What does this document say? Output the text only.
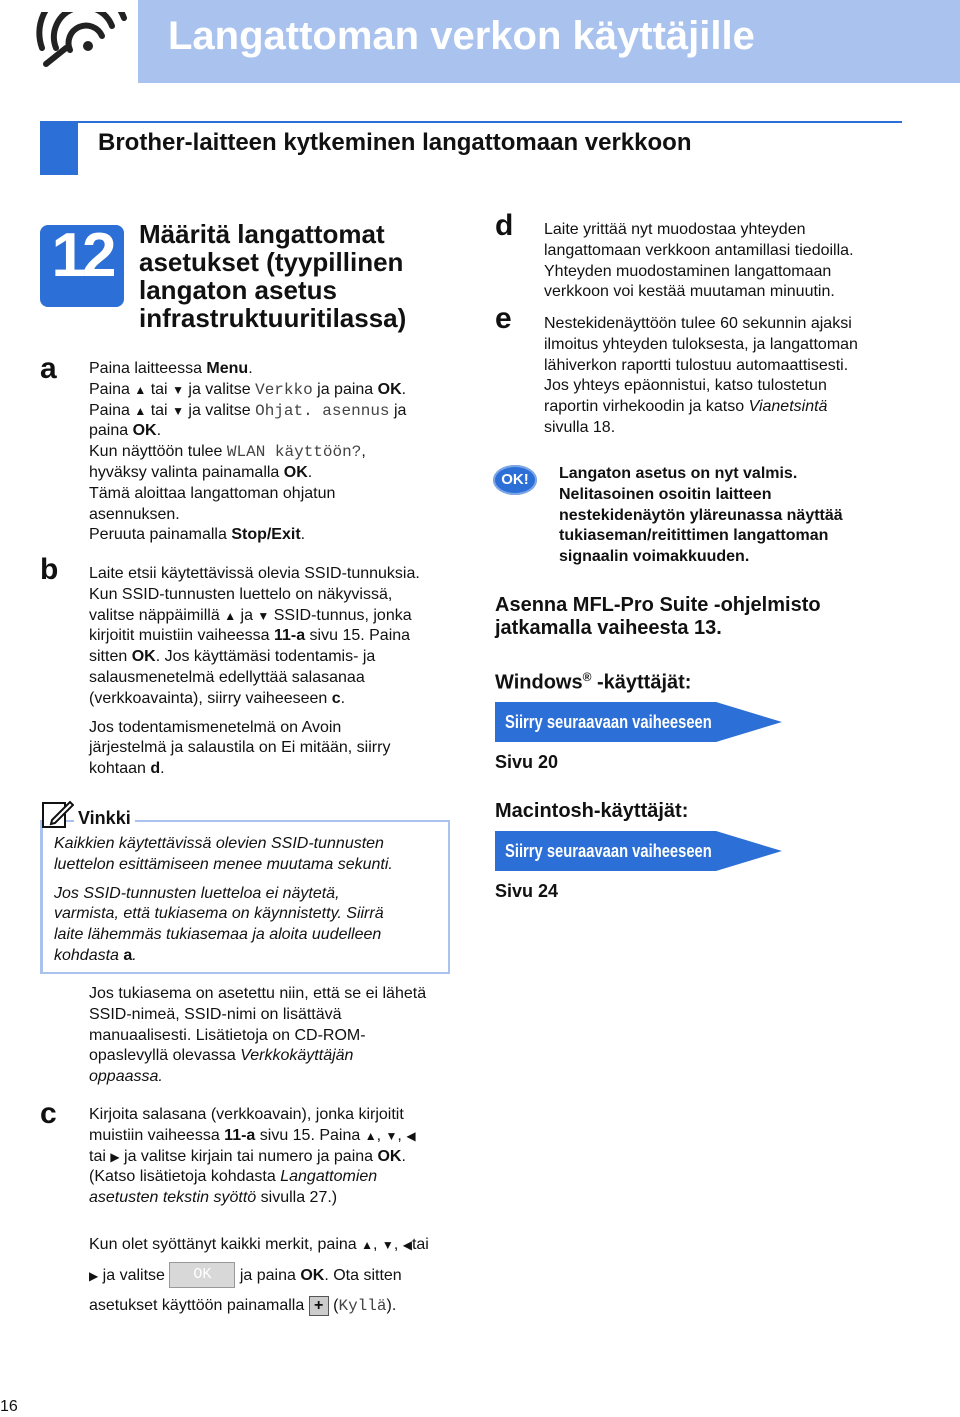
Langattoman verkon käyttäjille
Brother-laitteen kytkeminen langattomaan verkkoon
12	Määritä langattomat asetukset (tyypillinen langaton asetus infrastruktuuritilassa)
a Paina laitteessa Menu.
Paina ▲ tai ▼ ja valitse Verkko ja paina OK.
Paina ▲ tai ▼ ja valitse Ohjat. asennus ja
paina OK.
Kun näyttöön tulee WLAN käyttöön?,
hyväksy valinta painamalla OK.
Tämä aloittaa langattoman ohjatun
asennuksen.
Peruuta painamalla Stop/Exit.
b Laite etsii käytettävissä olevia SSID-tunnuksia.
Kun SSID-tunnusten luettelo on näkyvissä,
valitse näppäimillä ▲ ja ▼ SSID-tunnus, jonka
kirjoitit muistiin vaiheessa 11-a sivu 15. Paina
sitten OK. Jos käyttämäsi todentamis- ja
salausmenetelmä edellyttää salasanaa
(verkkoavainta), siirry vaiheeseen c.
Jos todentamismenetelmä on Avoin
järjestelmä ja salaustila on Ei mitään, siirry
kohtaan d.
Vinkki
Kaikkien käytettävissä olevien SSID-tunnusten
luettelon esittämiseen menee muutama sekunti.
Jos SSID-tunnusten luetteloa ei näytetä,
varmista, että tukiasema on käynnistetty. Siirrä
laite lähemmäs tukiasemaa ja aloita uudelleen
kohdasta a.
Jos tukiasema on asetettu niin, että se ei lähetä
SSID-nimeä, SSID-nimi on lisättävä
manuaalisesti. Lisätietoja on CD-ROM-
opaslevyllä olevassa Verkkokäyttäjän
oppaassa.
c Kirjoita salasana (verkkoavain), jonka kirjoitit
muistiin vaiheessa 11-a sivu 15. Paina ▲, ▼, ◀
tai ▶ ja valitse kirjain tai numero ja paina OK.
(Katso lisätietoja kohdasta Langattomien
asetusten tekstin syöttö sivulla 27.)
Kun olet syöttänyt kaikki merkit, paina ▲, ▼, ◀tai
▶ ja valitse OK ja paina OK. Ota sitten
asetukset käyttöön painamalla + (Kyllä).
d Laite yrittää nyt muodostaa yhteyden
langattomaan verkkoon antamillasi tiedoilla.
Yhteyden muodostaminen langattomaan
verkkoon voi kestää muutaman minuutin.
e Nestekidenäyttöön tulee 60 sekunnin ajaksi
ilmoitus yhteyden tuloksesta, ja langattoman
lähiverkon raportti tulostuu automaattisesti.
Jos yhteys epäonnistui, katso tulostetun
raportin virhekoodin ja katso Vianetsintä
sivulla 18.
OK!	Langaton asetus on nyt valmis.
Nelitasoinen osoitin laitteen
nestekidenäytön yläreunassa näyttää
tukiaseman/reitittimen langattoman
signaalin voimakkuuden.
Asenna MFL-Pro Suite -ohjelmisto
jatkamalla vaiheesta 13.
Windows® -käyttäjät:
Siirry seuraavaan vaiheeseen
Sivu 20
Macintosh-käyttäjät:
Siirry seuraavaan vaiheeseen
Sivu 24
16
